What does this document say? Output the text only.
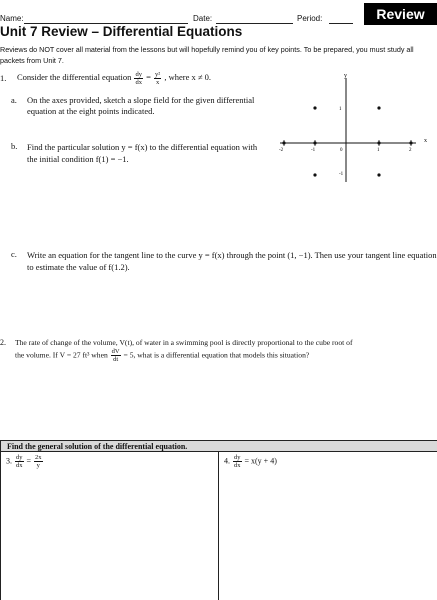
Name:	Date:	Period:	Review
Unit 7 Review – Differential Equations
Reviews do NOT cover all material from the lessons but will hopefully remind you of key points. To be prepared, you must study all packets from Unit 7.
1. Consider the differential equation $\frac{dy}{dx} = \frac{\text{y²}}{x}$ , where x ≠ 0.
a. On the axes provided, sketch a slope field for the given differential equation at the eight points indicated.
b. Find the particular solution y = f(x) to the differential equation with the initial condition f(1) = −1.
y
x
-2	-1	0	1	2
1
-1
c. Write an equation for the tangent line to the curve y = f(x) through the point (1, −1). Then use your tangent line equation to estimate the value of f(1.2).
2. The rate of change of the volume, V(t), of water in a swimming pool is directly proportional to the cube root of
the volume. If V = 27 ft³ when $\frac{dV}{dt} = 5$, what is a differential equation that models this situation?
Find the general solution of the differential equation.
3. $\frac{dy}{dx} = \frac{2x}{y}$	4. $\frac{dy}{dx} = x(y + 4)$
